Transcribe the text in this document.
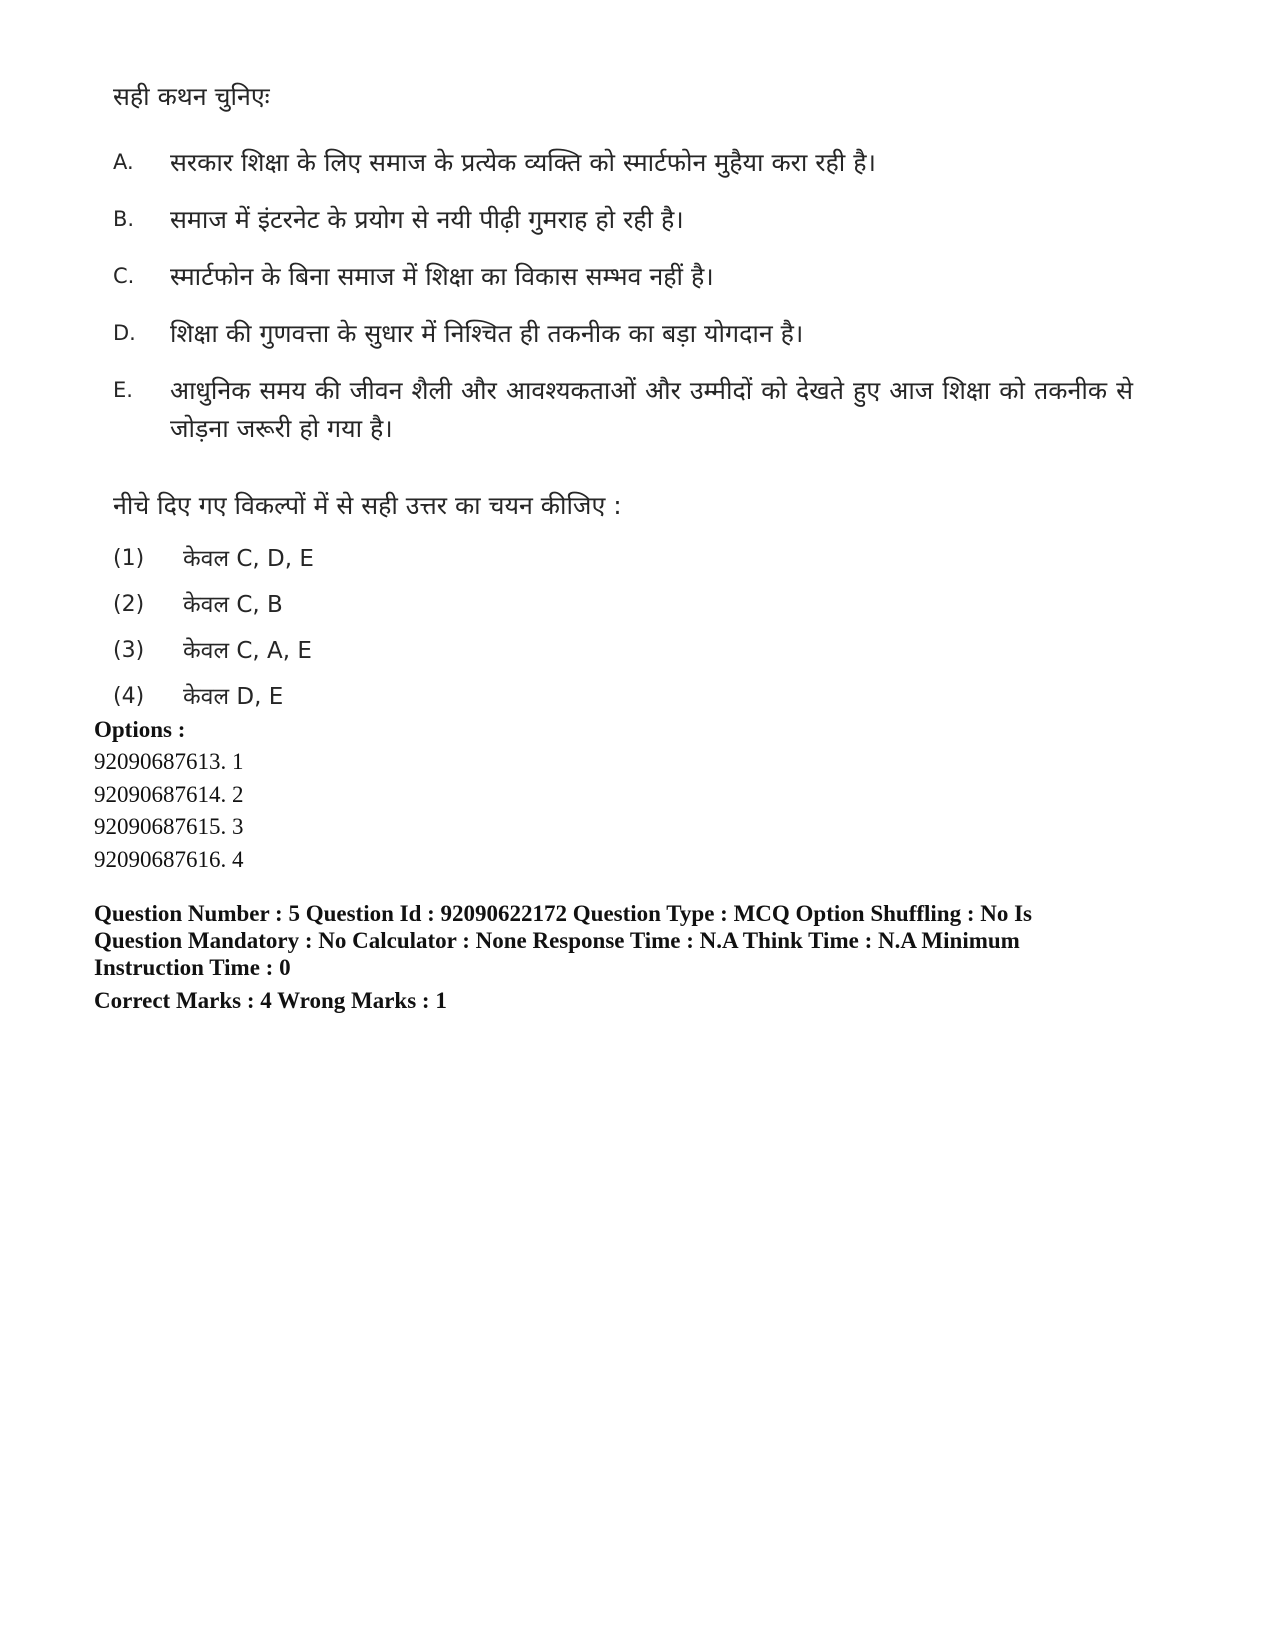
सही कथन चुनिएः
A.	सरकार शिक्षा के लिए समाज के प्रत्येक व्यक्ति को स्मार्टफोन मुहैया करा रही है।
B.	समाज में इंटरनेट के प्रयोग से नयी पीढ़ी गुमराह हो रही है।
C.	स्मार्टफोन के बिना समाज में शिक्षा का विकास सम्भव नहीं है।
D.	शिक्षा की गुणवत्ता के सुधार में निश्चित ही तकनीक का बड़ा योगदान है।
E.	आधुनिक समय की जीवन शैली और आवश्यकताओं और उम्मीदों को देखते हुए आज शिक्षा को तकनीक से जोड़ना जरूरी हो गया है।
नीचे दिए गए विकल्पों में से सही उत्तर का चयन कीजिए :
(1)	केवल C, D, E
(2)	केवल C, B
(3)	केवल C, A, E
(4)	केवल D, E
Options :
92090687613. 1
92090687614. 2
92090687615. 3
92090687616. 4
Question Number : 5 Question Id : 92090622172 Question Type : MCQ Option Shuffling : No Is Question Mandatory : No Calculator : None Response Time : N.A Think Time : N.A Minimum Instruction Time : 0
Correct Marks : 4 Wrong Marks : 1
